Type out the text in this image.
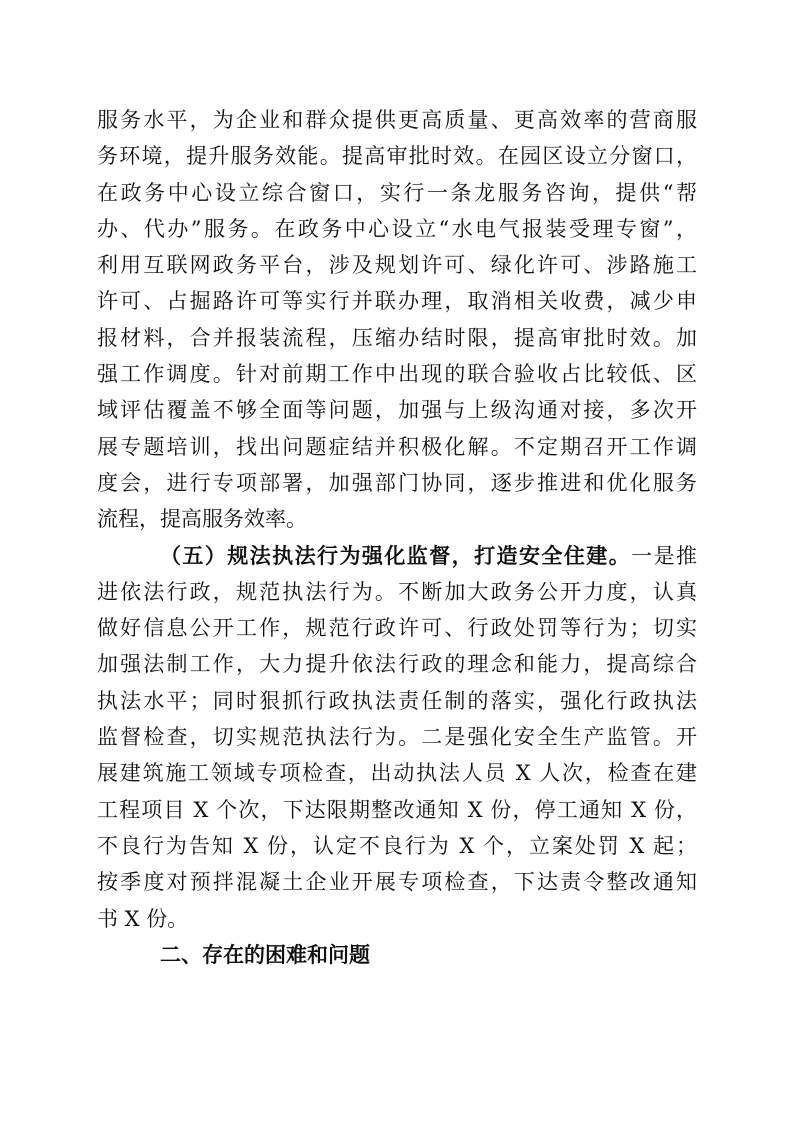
服务水平，为企业和群众提供更高质量、更高效率的营商服
务环境，提升服务效能。提高审批时效。在园区设立分窗口，
在政务中心设立综合窗口，实行一条龙服务咨询，提供“帮
办、代办”服务。在政务中心设立“水电气报装受理专窗”，
利用互联网政务平台，涉及规划许可、绿化许可、涉路施工
许可、占掘路许可等实行并联办理，取消相关收费，减少申
报材料，合并报装流程，压缩办结时限，提高审批时效。加
强工作调度。针对前期工作中出现的联合验收占比较低、区
域评估覆盖不够全面等问题，加强与上级沟通对接，多次开
展专题培训，找出问题症结并积极化解。不定期召开工作调
度会，进行专项部署，加强部门协同，逐步推进和优化服务
流程，提高服务效率。
（五）规法执法行为强化监督，打造安全住建。一是推
进依法行政，规范执法行为。不断加大政务公开力度，认真
做好信息公开工作，规范行政许可、行政处罚等行为；切实
加强法制工作，大力提升依法行政的理念和能力，提高综合
执法水平；同时狠抓行政执法责任制的落实，强化行政执法
监督检查，切实规范执法行为。二是强化安全生产监管。开
展建筑施工领域专项检查，出动执法人员 X 人次，检查在建
工程项目 X 个次，下达限期整改通知 X 份，停工通知 X 份，
不良行为告知 X 份，认定不良行为 X 个，立案处罚 X 起；
按季度对预拌混凝土企业开展专项检查，下达责令整改通知
书 X 份。
二、存在的困难和问题
